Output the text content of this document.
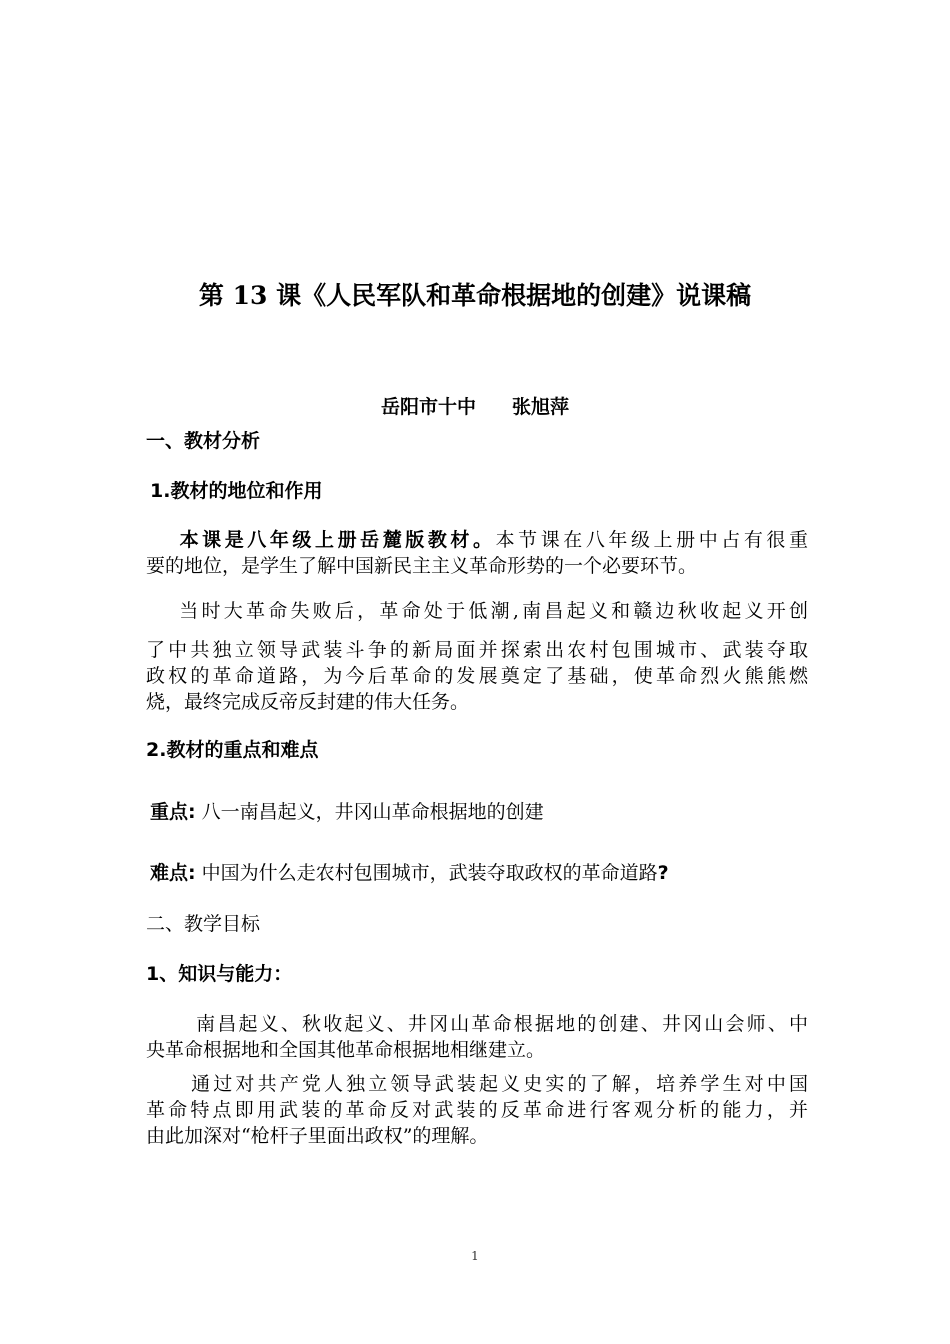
第 13 课《人民军队和革命根据地的创建》说课稿
岳阳市十中 张旭萍
一、教材分析
1.教材的地位和作用
本课是八年级上册岳麓版教材。本节课在八年级上册中占有很重
要的地位，是学生了解中国新民主主义革命形势的一个必要环节。
当时大革命失败后，革命处于低潮,南昌起义和赣边秋收起义开创
了中共独立领导武装斗争的新局面并探索出农村包围城市、武装夺取
政权的革命道路，为今后革命的发展奠定了基础，使革命烈火熊熊燃
烧，最终完成反帝反封建的伟大任务。
2.教材的重点和难点
重点: 八一南昌起义，井冈山革命根据地的创建
难点: 中国为什么走农村包围城市，武装夺取政权的革命道路?
二、教学目标
1、知识与能力：
南昌起义、秋收起义、井冈山革命根据地的创建、井冈山会师、中
央革命根据地和全国其他革命根据地相继建立。
通过对共产党人独立领导武装起义史实的了解，培养学生对中国
革命特点即用武装的革命反对武装的反革命进行客观分析的能力，并
由此加深对“枪杆子里面出政权”的理解。
1
